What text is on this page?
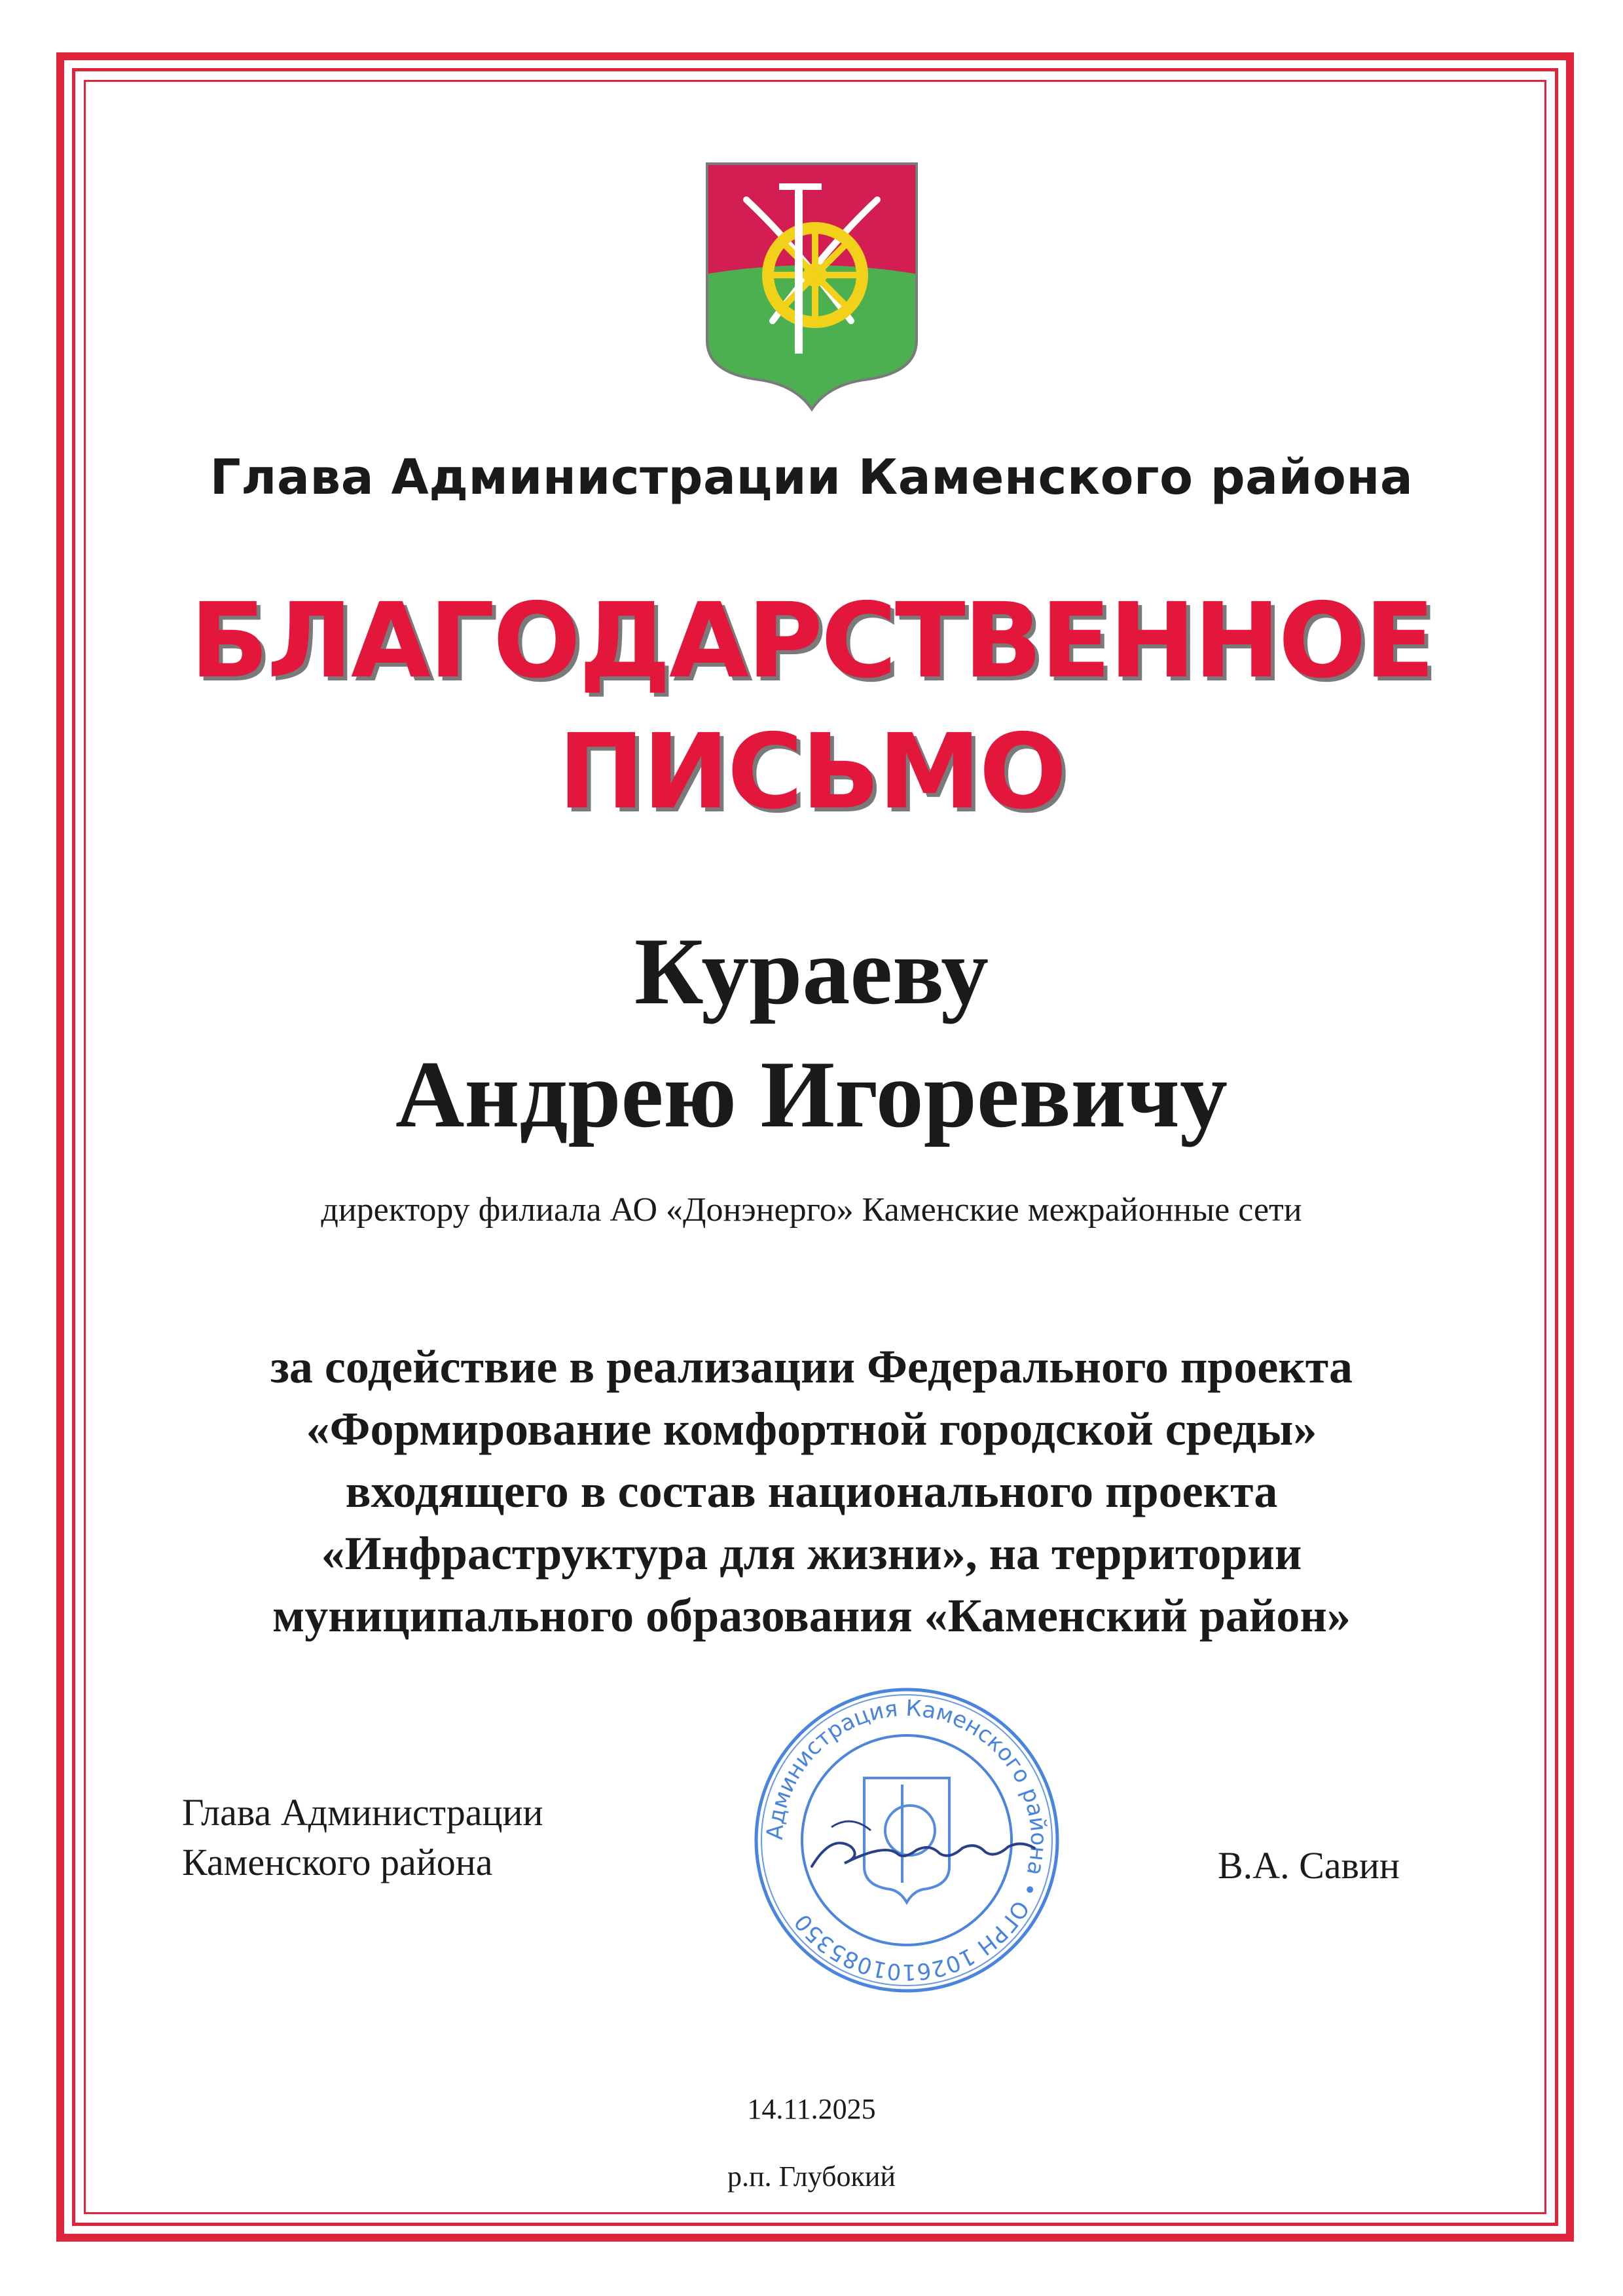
Глава Администрации Каменского района

БЛАГОДАРСТВЕННОЕ
ПИСЬМО
Кураеву
Андрею Игоревичу
директору филиала АО «Донэнерго» Каменские межрайонные сети
за содействие в реализации Федерального проекта
«Формирование комфортной городской среды»
входящего в состав национального проекта
«Инфраструктура для жизни», на территории
муниципального образования «Каменский район»
Глава Администрации
Каменского района
Администрация Каменского района • ОГРН 1026101085350
В.А. Савин
14.11.2025
р.п. Глубокий
